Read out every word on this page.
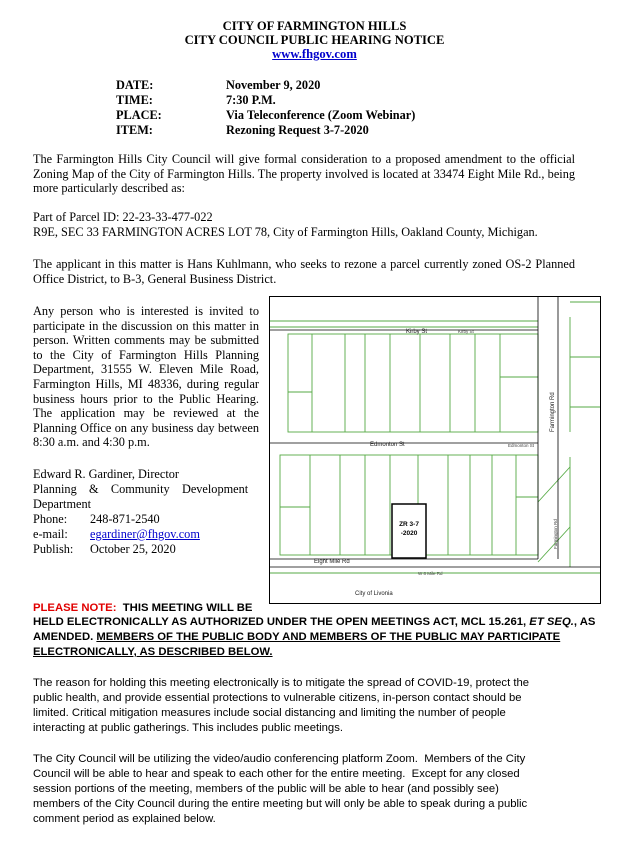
CITY OF FARMINGTON HILLS
CITY COUNCIL PUBLIC HEARING NOTICE
www.fhgov.com
DATE:	November 9, 2020
TIME:	7:30 P.M.
PLACE:	Via Teleconference (Zoom Webinar)
ITEM:	Rezoning Request 3-7-2020
The Farmington Hills City Council will give formal consideration to a proposed amendment to the official Zoning Map of the City of Farmington Hills. The property involved is located at 33474 Eight Mile Rd., being more particularly described as:
Part of Parcel ID: 22-23-33-477-022
R9E, SEC 33 FARMINGTON ACRES LOT 78, City of Farmington Hills, Oakland County, Michigan.
The applicant in this matter is Hans Kuhlmann, who seeks to rezone a parcel currently zoned OS-2 Planned Office District, to B-3, General Business District.
Any person who is interested is invited to participate in the discussion on this matter in person. Written comments may be submitted to the City of Farmington Hills Planning Department, 31555 W. Eleven Mile Road, Farmington Hills, MI 48336, during regular business hours prior to the Public Hearing. The application may be reviewed at the Planning Office on any business day between 8:30 a.m. and 4:30 p.m.
Edward R. Gardiner, Director
Planning    &    Community    Development
Department
Phone: 248-871-2540
e-mail: egardiner@fhgov.com
Publish: October 25, 2020
ZR 3-7
-2020
Kirby St	Kirby St
Edmonton St	Edmonton St
Farmington Rd
Farmington Rd
Eight Mile Rd
W 8 Mile Rd
City of Livonia
PLEASE NOTE:  THIS MEETING WILL BE
HELD ELECTRONICALLY AS AUTHORIZED UNDER THE OPEN MEETINGS ACT, MCL 15.261, ET SEQ., AS
AMENDED. MEMBERS OF THE PUBLIC BODY AND MEMBERS OF THE PUBLIC MAY PARTICIPATE
ELECTRONICALLY, AS DESCRIBED BELOW.
The reason for holding this meeting electronically is to mitigate the spread of COVID-19, protect the
public health, and provide essential protections to vulnerable citizens, in-person contact should be
limited. Critical mitigation measures include social distancing and limiting the number of people
interacting at public gatherings. This includes public meetings.
The City Council will be utilizing the video/audio conferencing platform Zoom.  Members of the City
Council will be able to hear and speak to each other for the entire meeting.  Except for any closed
session portions of the meeting, members of the public will be able to hear (and possibly see)
members of the City Council during the entire meeting but will only be able to speak during a public
comment period as explained below.
